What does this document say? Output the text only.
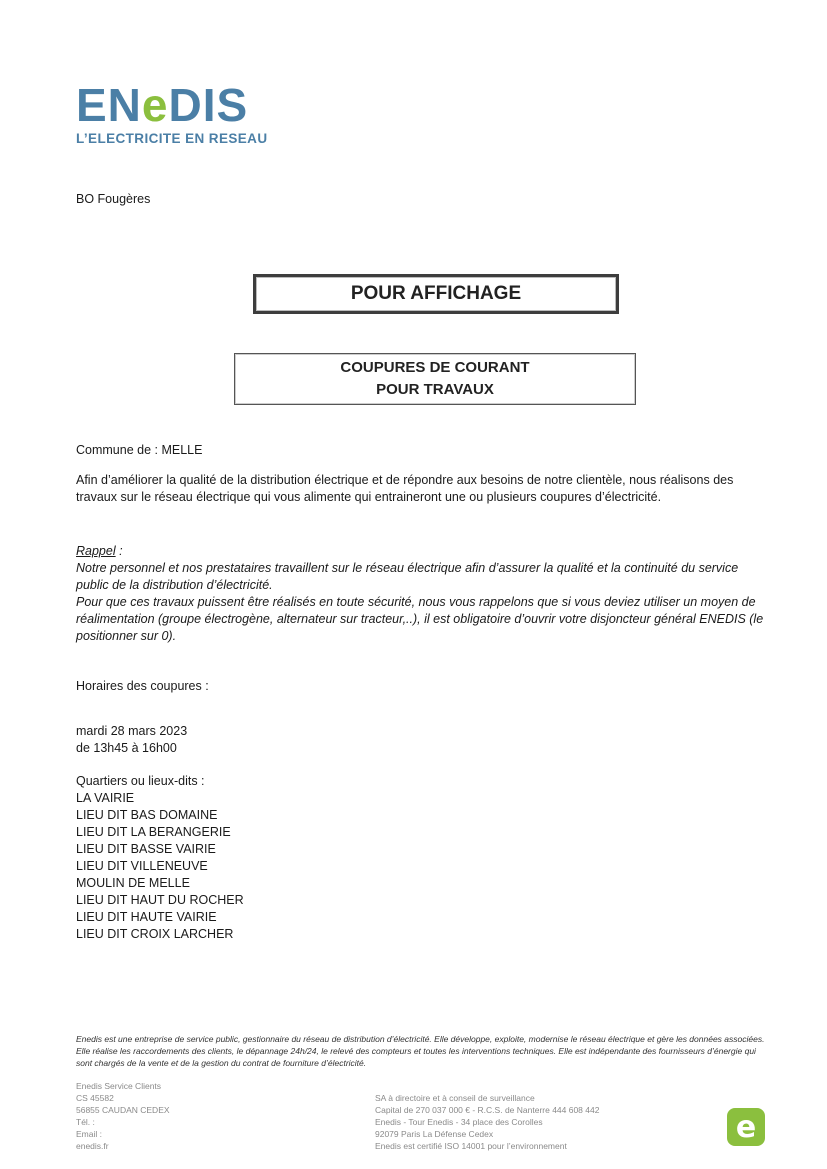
ENeDIS
L’ELECTRICITE EN RESEAU
BO Fougères
POUR AFFICHAGE
COUPURES DE COURANT
POUR TRAVAUX
Commune de : MELLE
Afin d’améliorer la qualité de la distribution électrique et de répondre aux besoins de notre clientèle, nous réalisons des travaux sur le réseau électrique qui vous alimente qui entraineront une ou plusieurs coupures d’électricité.
Rappel :
Notre personnel et nos prestataires travaillent sur le réseau électrique afin d’assurer la qualité et la continuité du service public de la distribution d’électricité.
Pour que ces travaux puissent être réalisés en toute sécurité, nous vous rappelons que si vous deviez utiliser un moyen de réalimentation (groupe électrogène, alternateur sur tracteur,..), il est obligatoire d’ouvrir votre disjoncteur général ENEDIS (le positionner sur 0).
Horaires des coupures :
mardi 28 mars 2023
de 13h45 à 16h00
Quartiers ou lieux-dits :
LA VAIRIE
LIEU DIT BAS DOMAINE
LIEU DIT LA BERANGERIE
LIEU DIT BASSE VAIRIE
LIEU DIT VILLENEUVE
MOULIN DE MELLE
LIEU DIT HAUT DU ROCHER
LIEU DIT HAUTE VAIRIE
LIEU DIT CROIX LARCHER
Enedis est une entreprise de service public, gestionnaire du réseau de distribution d’électricité. Elle développe, exploite, modernise le réseau électrique et gère les données associées. Elle réalise les raccordements des clients, le dépannage 24h/24, le relevé des compteurs et toutes les interventions techniques. Elle est indépendante des fournisseurs d’énergie qui sont chargés de la vente et de la gestion du contrat de fourniture d’électricité.
Enedis Service Clients
CS 45582
56855 CAUDAN CEDEX
Tél. :
Email :
enedis.fr
SA à directoire et à conseil de surveillance
Capital de 270 037 000 € - R.C.S. de Nanterre 444 608 442
Enedis - Tour Enedis - 34 place des Corolles
92079 Paris La Défense Cedex
Enedis est certifié ISO 14001 pour l’environnement
e
